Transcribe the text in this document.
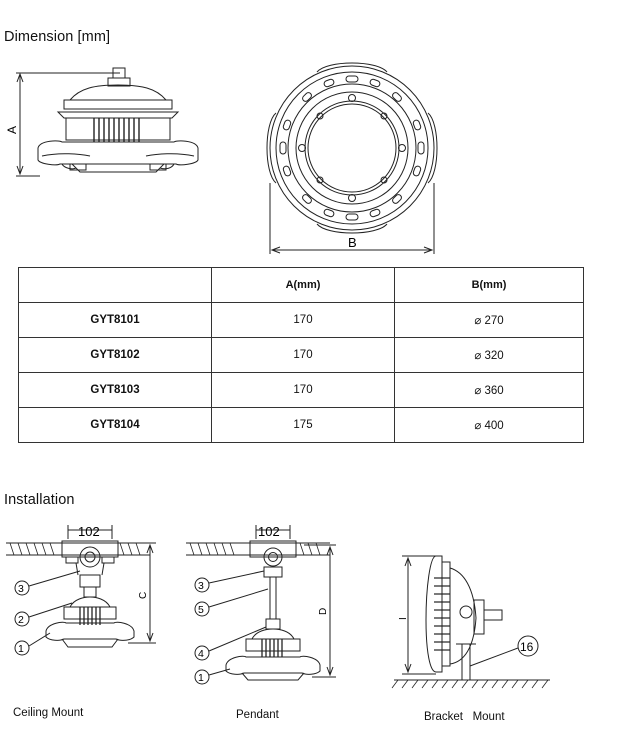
Dimension [mm]
Installation
A
B
	A(mm)	B(mm)
GYT8101	170	⌀ 270
GYT8102	170	⌀ 320
GYT8103	170	⌀ 360
GYT8104	175	⌀ 400
102
C
3
2
1
Ceiling Mount
102
D
3
5
4
1
Pendant
I
16
Bracket   Mount
